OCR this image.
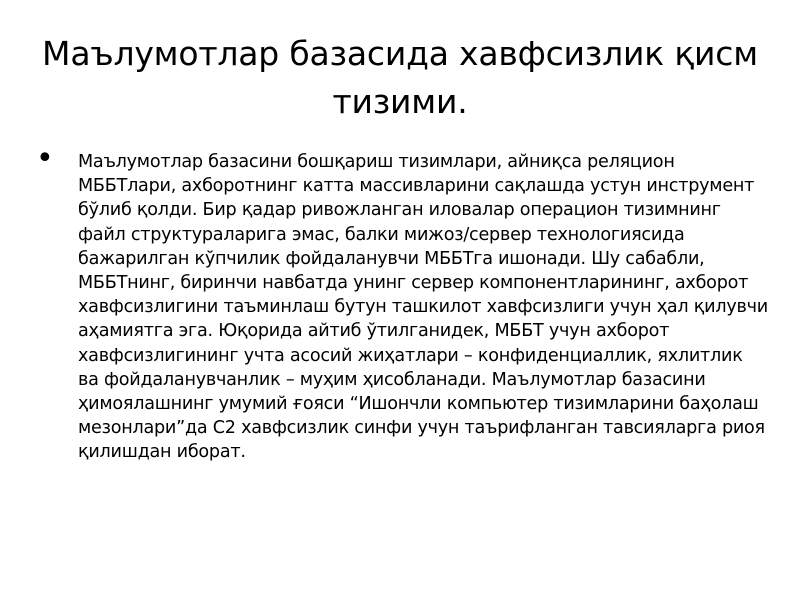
Маълумотлар базасида хавфсизлик қисм тизими.
• Маълумотлар базасини бошқариш тизимлари, айниқса реляцион МББТлари, ахборотнинг катта массивларини сақлашда устун инструмент бўлиб қолди. Бир қадар ривожланган иловалар операцион тизимнинг файл структураларига эмас, балки мижоз/сервер технологиясида бажарилган кўпчилик фойдаланувчи МББТга ишонади. Шу сабабли, МББТнинг, биринчи навбатда унинг сервер компонентларининг, ахборот хавфсизлигини таъминлаш бутун ташкилот хавфсизлиги учун ҳал қилувчи аҳамиятга эга. Юқорида айтиб ўтилганидек, МББТ учун ахборот хавфсизлигининг учта асосий жиҳатлари – конфиденциаллик, яхлитлик ва фойдаланувчанлик – муҳим ҳисобланади. Маълумотлар базасини ҳимоялашнинг умумий ғояси “Ишончли компьютер тизимларини баҳолаш мезонлари”да С2 хавфсизлик синфи учун таърифланган тавсияларга риоя қилишдан иборат.
